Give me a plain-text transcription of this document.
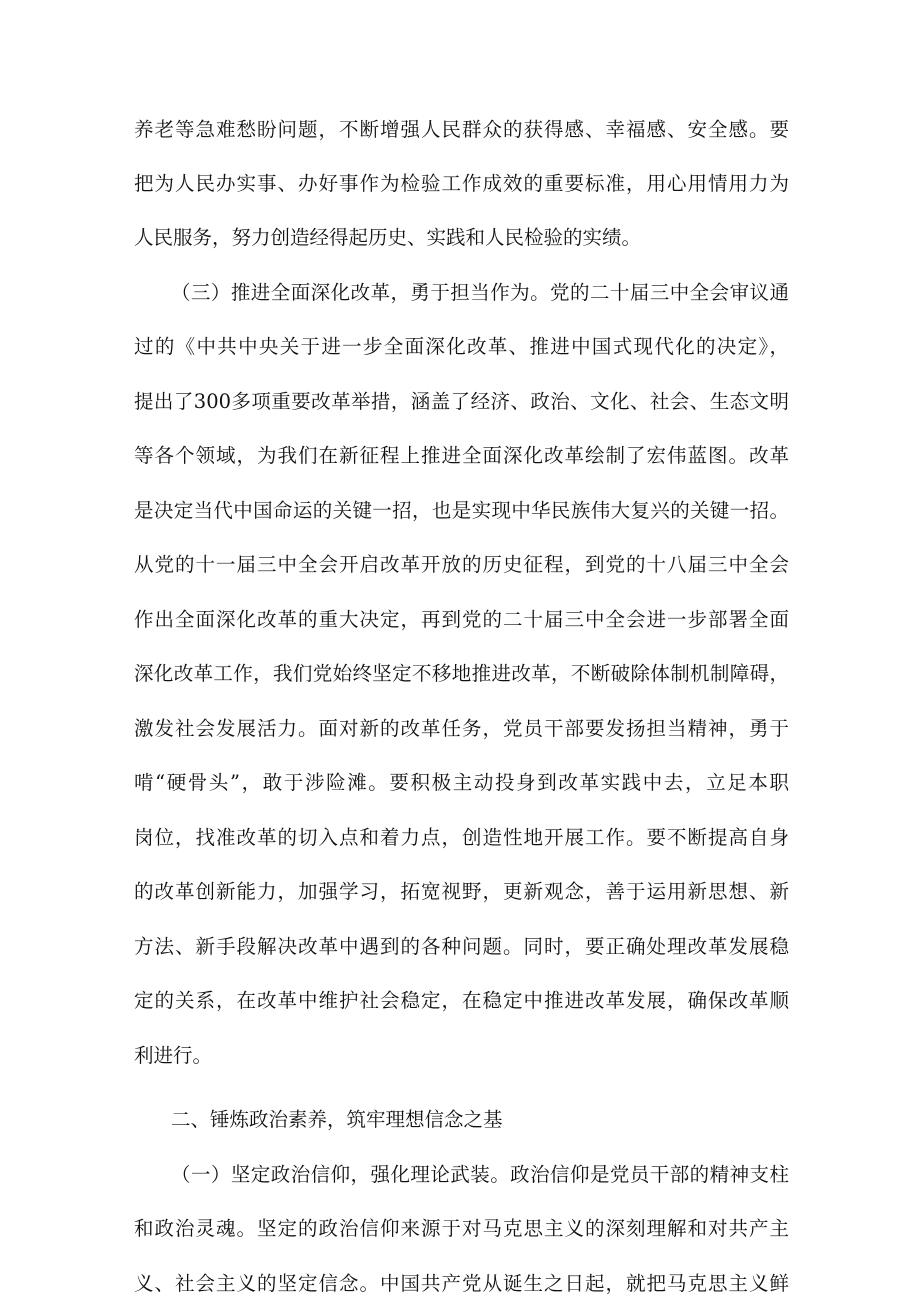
养老等急难愁盼问题，不断增强人民群众的获得感、幸福感、安全感。要
把为人民办实事、办好事作为检验工作成效的重要标准，用心用情用力为
人民服务，努力创造经得起历史、实践和人民检验的实绩。
（三）推进全面深化改革，勇于担当作为。党的二十届三中全会审议通
过的《中共中央关于进一步全面深化改革、推进中国式现代化的决定》，
提出了300多项重要改革举措，涵盖了经济、政治、文化、社会、生态文明
等各个领域，为我们在新征程上推进全面深化改革绘制了宏伟蓝图。改革
是决定当代中国命运的关键一招，也是实现中华民族伟大复兴的关键一招。
从党的十一届三中全会开启改革开放的历史征程，到党的十八届三中全会
作出全面深化改革的重大决定，再到党的二十届三中全会进一步部署全面
深化改革工作，我们党始终坚定不移地推进改革，不断破除体制机制障碍，
激发社会发展活力。面对新的改革任务，党员干部要发扬担当精神，勇于
啃“硬骨头”，敢于涉险滩。要积极主动投身到改革实践中去，立足本职
岗位，找准改革的切入点和着力点，创造性地开展工作。要不断提高自身
的改革创新能力，加强学习，拓宽视野，更新观念，善于运用新思想、新
方法、新手段解决改革中遇到的各种问题。同时，要正确处理改革发展稳
定的关系，在改革中维护社会稳定，在稳定中推进改革发展，确保改革顺
利进行。
二、锤炼政治素养，筑牢理想信念之基
（一）坚定政治信仰，强化理论武装。政治信仰是党员干部的精神支柱
和政治灵魂。坚定的政治信仰来源于对马克思主义的深刻理解和对共产主
义、社会主义的坚定信念。中国共产党从诞生之日起，就把马克思主义鲜
